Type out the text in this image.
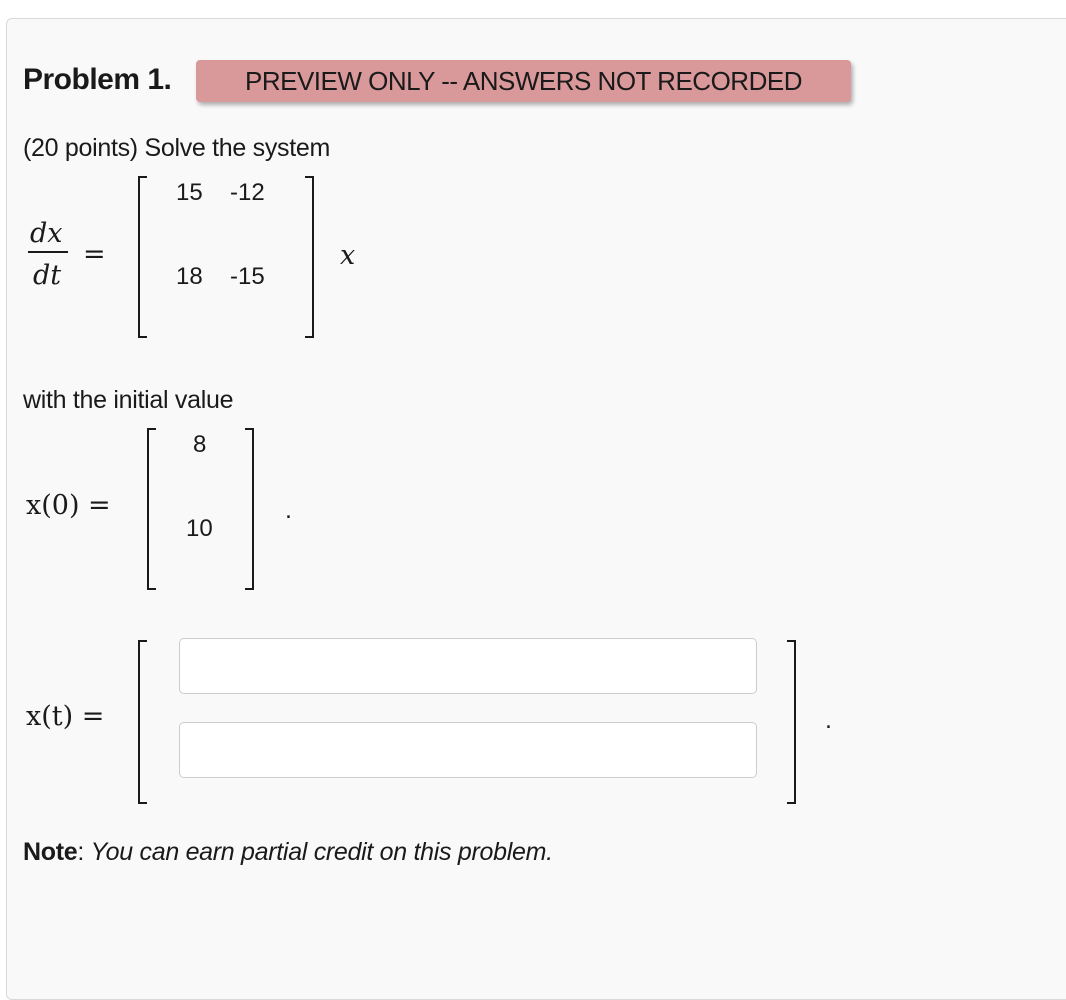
Problem 1.	PREVIEW ONLY -- ANSWERS NOT RECORDED
(20 points) Solve the system
dx
dt
=
15 -12
18 -15
x
with the initial value
x(0) =
8
10
.
x(t) =	.
Note: You can earn partial credit on this problem.
